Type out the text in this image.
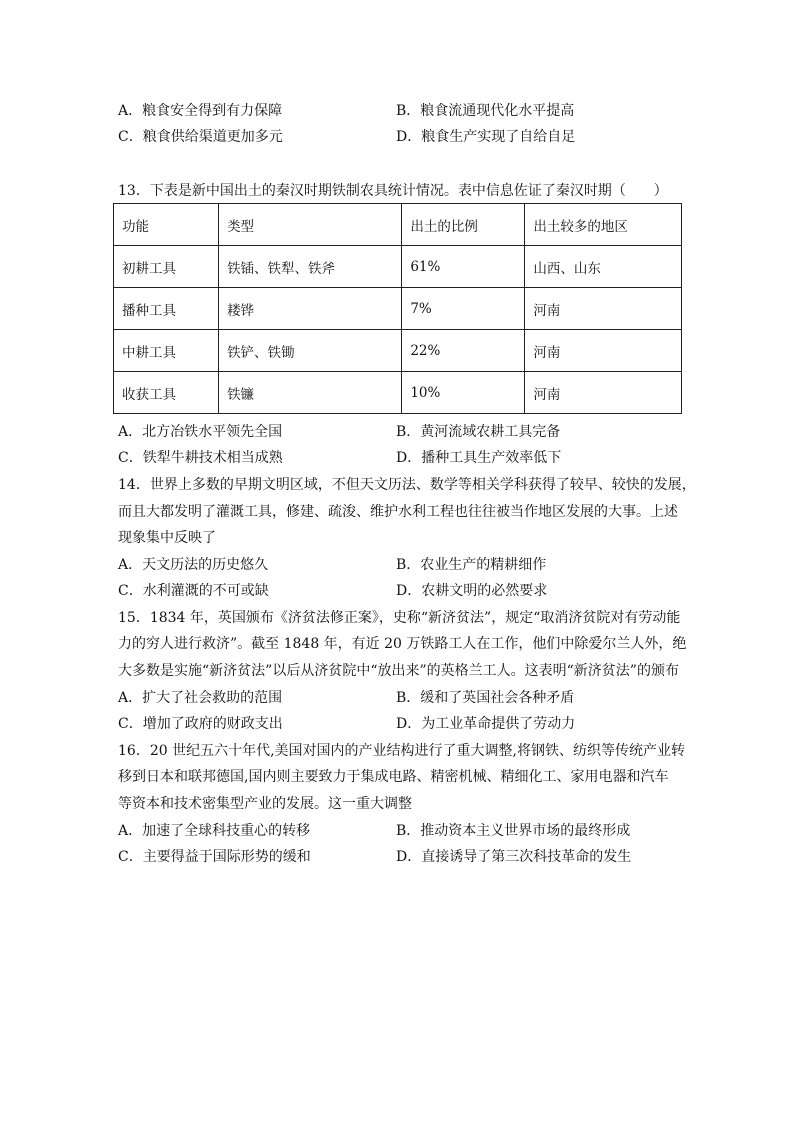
A．粮食安全得到有力保障	B．粮食流通现代化水平提高
C．粮食供给渠道更加多元	D．粮食生产实现了自给自足
13．下表是新中国出土的秦汉时期铁制农具统计情况。表中信息佐证了秦汉时期（　　）
功能	类型	出土的比例	出土较多的地区
初耕工具	铁锸、铁犁、铁斧	61%	山西、山东
播种工具	耧铧	7%	河南
中耕工具	铁铲、铁锄	22%	河南
收获工具	铁镰	10%	河南
A．北方冶铁水平领先全国	B．黄河流域农耕工具完备
C．铁犁牛耕技术相当成熟	D．播种工具生产效率低下
14．世界上多数的早期文明区域，不但天文历法、数学等相关学科获得了较早、较快的发展，
而且大都发明了灌溉工具，修建、疏浚、维护水利工程也往往被当作地区发展的大事。上述
现象集中反映了
A．天文历法的历史悠久	B．农业生产的精耕细作
C．水利灌溉的不可或缺	D．农耕文明的必然要求
15．1834 年，英国颁布《济贫法修正案》，史称“新济贫法”，规定“取消济贫院对有劳动能
力的穷人进行救济”。截至 1848 年，有近 20 万铁路工人在工作，他们中除爱尔兰人外，绝
大多数是实施“新济贫法”以后从济贫院中“放出来”的英格兰工人。这表明“新济贫法”的颁布
A．扩大了社会救助的范围	B．缓和了英国社会各种矛盾
C．增加了政府的财政支出	D．为工业革命提供了劳动力
16．20 世纪五六十年代,美国对国内的产业结构进行了重大调整,将钢铁、纺织等传统产业转
移到日本和联邦德国,国内则主要致力于集成电路、精密机械、精细化工、家用电器和汽车
等资本和技术密集型产业的发展。这一重大调整
A．加速了全球科技重心的转移	B．推动资本主义世界市场的最终形成
C．主要得益于国际形势的缓和	D．直接诱导了第三次科技革命的发生
